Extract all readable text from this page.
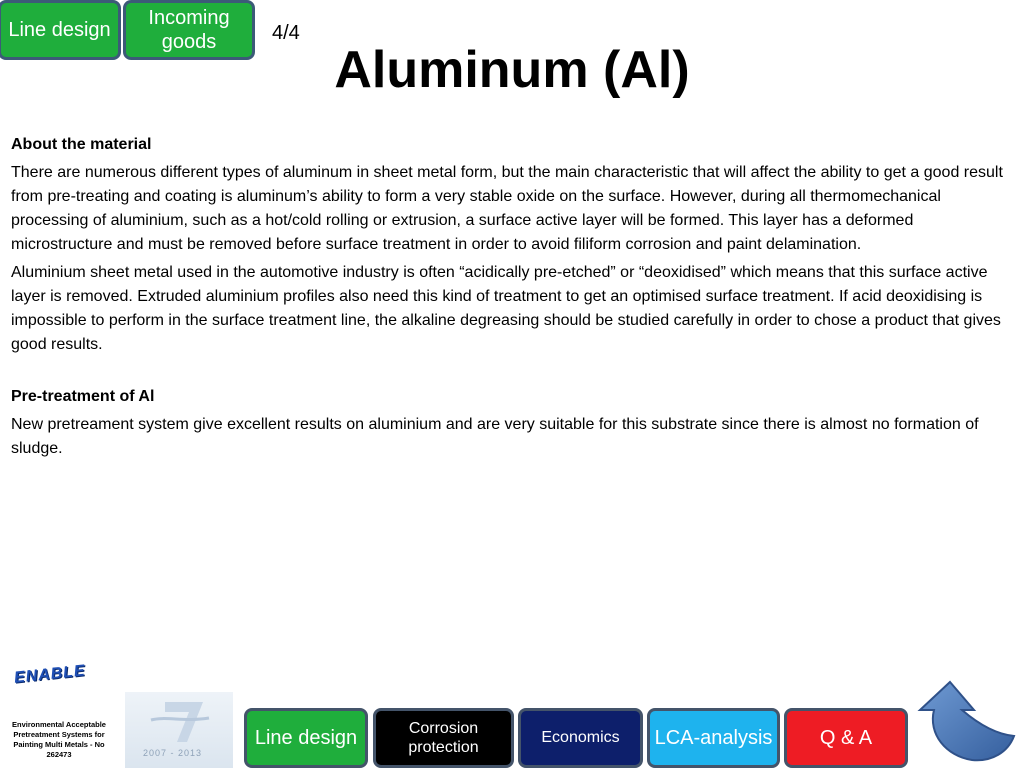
Line design
Incoming goods	4/4
Aluminum (Al)
About the material
There are numerous different types of aluminum in sheet metal form, but the main characteristic that will affect the ability to get a good result from pre-treating and coating is aluminum’s ability to form a very stable oxide on the surface. However, during all thermomechanical processing of aluminium, such as a hot/cold rolling or extrusion, a surface active layer will be formed. This layer has a deformed microstructure and must be removed before surface treatment in order to avoid filiform corrosion and paint delamination.
Aluminium sheet metal used in the automotive industry is often “acidically pre-etched” or “deoxidised” which means that this surface active layer is removed. Extruded aluminium profiles also need this kind of treatment to get an optimised surface treatment. If acid deoxidising is impossible to perform in the surface treatment line, the alkaline degreasing should be studied carefully in order to chose a product that gives good results.
Pre-treatment of Al
New pretreament system give excellent results on aluminium and are very suitable for this substrate since there is almost no formation of sludge.
ENABLE
Environmental Acceptable Pretreatment Systems for Painting Multi Metals - No 262473	2007 - 2013
Line design	Corrosion protection
Economics LCA-analysis Q & A
